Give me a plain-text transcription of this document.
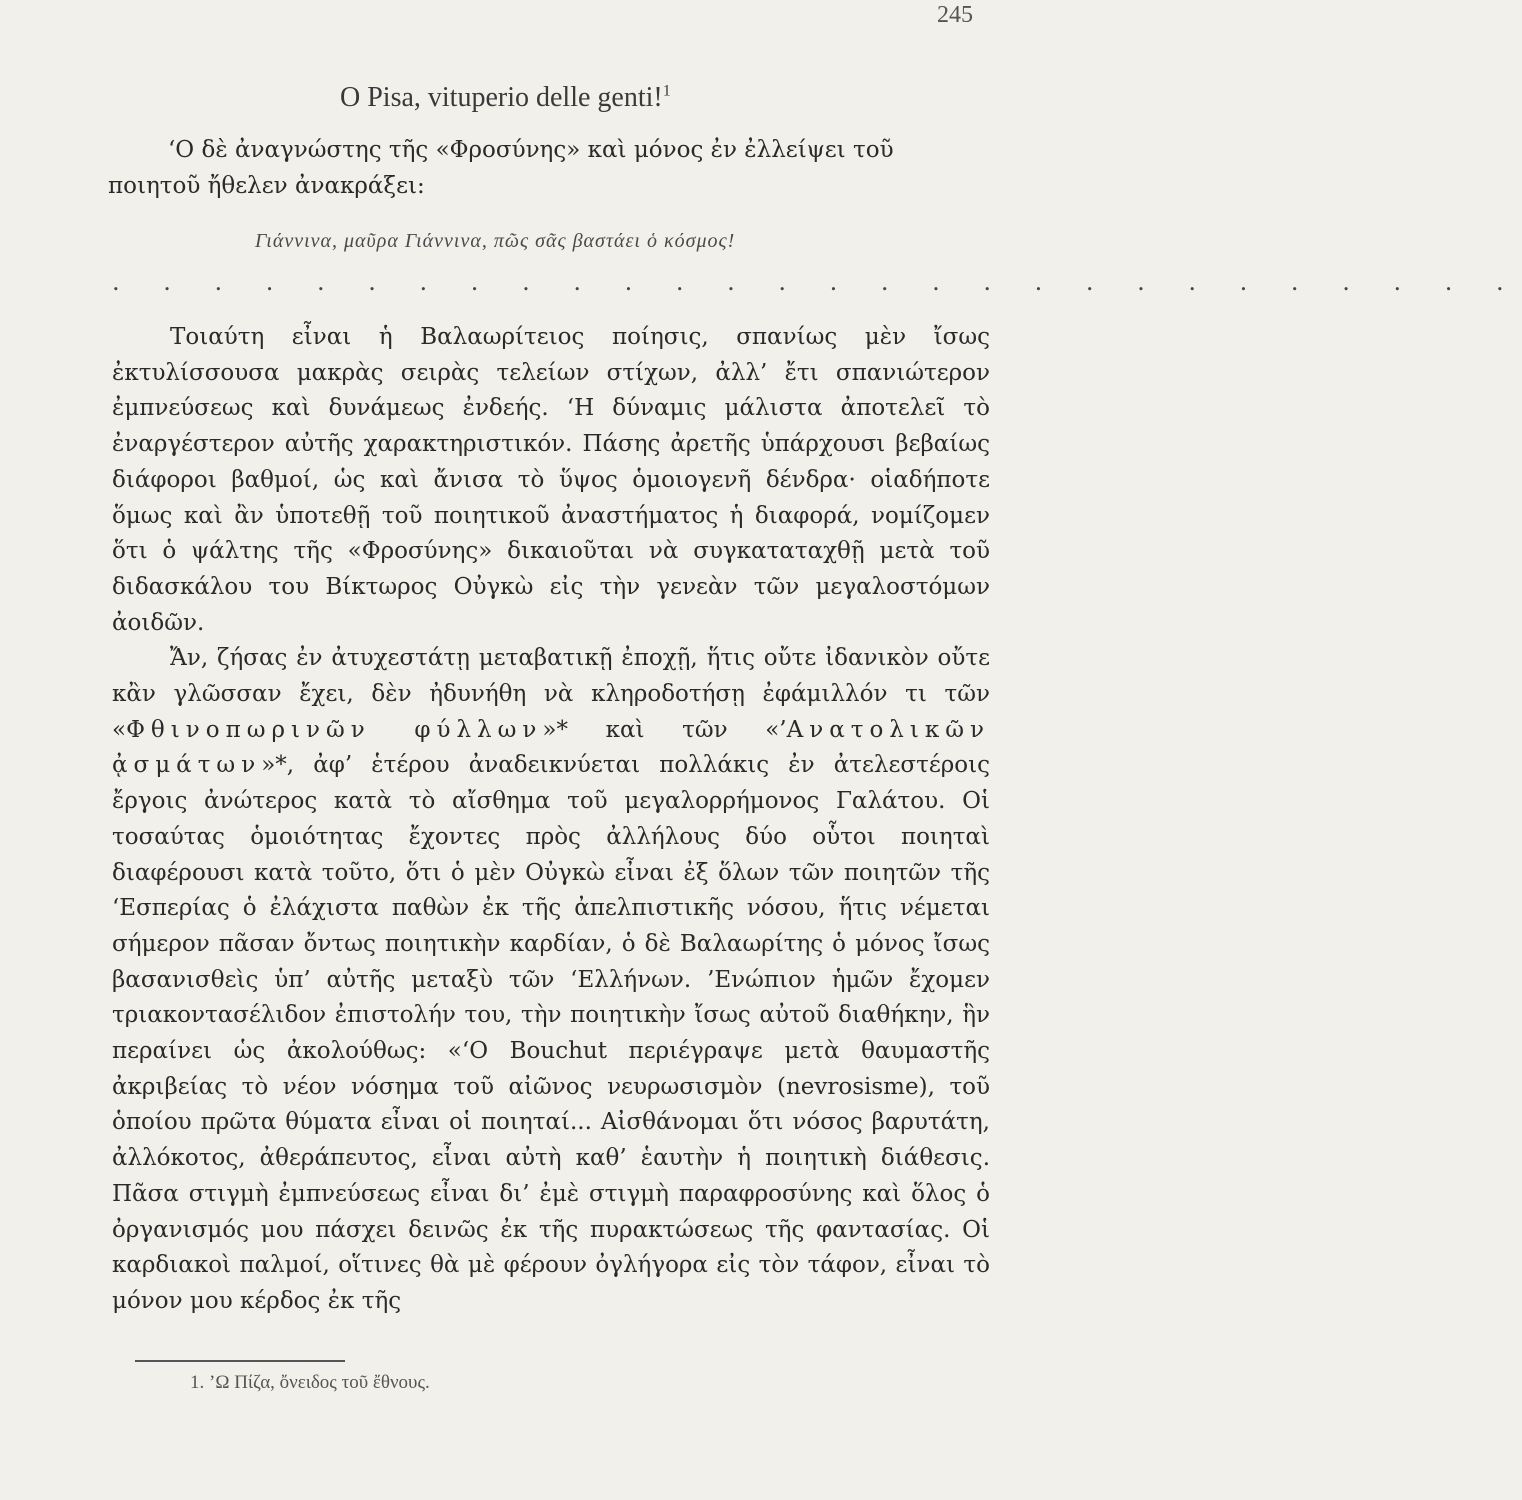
245
O Pisa, vituperio delle genti!$^1$
‘Ο δὲ ἀναγνώστης τῆς «Φροσύνης» καὶ μόνος ἐν ἐλλείψει τοῦ
ποιητοῦ ἤθελεν ἀνακράξει:
Γιάννινα, μαῦρα Γιάννινα, πῶς σᾶς βαστάει ὁ κόσμος!
. . . . . . . . . . . . . . . . . . . . . . . . . . . .

Τοιαύτη εἶναι ἡ Βαλαωρίτειος ποίησις, σπανίως μὲν ἴσως ἐκτυλίσσουσα μακρὰς σειρὰς τελείων στίχων, ἀλλ’ ἔτι σπανιώτερον ἐμπνεύσεως καὶ δυνάμεως ἐνδεής. ‘Η δύναμις μάλιστα ἀποτελεῖ τὸ ἐναργέστερον αὐτῆς χαρακτηριστικόν. Πάσης ἀρετῆς ὑπάρχουσι βεβαίως διάφοροι βαθμοί, ὡς καὶ ἄνισα τὸ ὕψος ὁμοιογενῆ δένδρα· οἱαδήποτε ὅμως καὶ ἂν ὑποτεθῇ τοῦ ποιητικοῦ ἀναστήματος ἡ διαφορά, νομίζομεν ὅτι ὁ ψάλτης τῆς «Φροσύνης» δικαιοῦται νὰ συγκαταταχθῇ μετὰ τοῦ διδασκάλου του Βίκτωρος Οὐγκὼ εἰς τὴν γενεὰν τῶν μεγαλοστόμων ἀοιδῶν.

Ἄν, ζήσας ἐν ἀτυχεστάτῃ μεταβατικῇ ἐποχῇ, ἥτις οὔτε ἰδανικὸν οὔτε κἂν γλῶσσαν ἔχει, δὲν ἠδυνήθη νὰ κληροδοτήσῃ ἐφάμιλλόν τι τῶν «Φθινοπωρινῶν φύλλων»* καὶ τῶν «’Ανατολικῶν ᾀσμάτων»*, ἀφ’ ἑτέρου ἀναδεικνύεται πολλάκις ἐν ἀτελεστέροις ἔργοις ἀνώτερος κατὰ τὸ αἴσθημα τοῦ μεγαλορρήμονος Γαλάτου. Οἱ τοσαύτας ὁμοιότητας ἔχοντες πρὸς ἀλλήλους δύο οὗτοι ποιηταὶ διαφέρουσι κατὰ τοῦτο, ὅτι ὁ μὲν Οὐγκὼ εἶναι ἐξ ὅλων τῶν ποιητῶν τῆς ‘Εσπερίας ὁ ἐλάχιστα παθὼν ἐκ τῆς ἀπελπιστικῆς νόσου, ἥτις νέμεται σήμερον πᾶσαν ὄντως ποιητικὴν καρδίαν, ὁ δὲ Βαλαωρίτης ὁ μόνος ἴσως βασανισθεὶς ὑπ’ αὐτῆς μεταξὺ τῶν ‘Ελλήνων. ’Ενώπιον ἡμῶν ἔχομεν τριακοντασέλιδον ἐπιστολήν του, τὴν ποιητικὴν ἴσως αὐτοῦ διαθήκην, ἣν περαίνει ὡς ἀκολούθως: «‘Ο Bouchut περιέγραψε μετὰ θαυμαστῆς ἀκριβείας τὸ νέον νόσημα τοῦ αἰῶνος νευρωσισμὸν (nevrosisme), τοῦ ὁποίου πρῶτα θύματα εἶναι οἱ ποιηταί... Αἰσθάνομαι ὅτι νόσος βαρυτάτη, ἀλλόκοτος, ἀθεράπευτος, εἶναι αὐτὴ καθ’ ἑαυτὴν ἡ ποιητικὴ διάθεσις. Πᾶσα στιγμὴ ἐμπνεύσεως εἶναι δι’ ἐμὲ στιγμὴ παραφροσύνης καὶ ὅλος ὁ ὀργανισμός μου πάσχει δεινῶς ἐκ τῆς πυρακτώσεως τῆς φαντασίας. Οἱ καρδιακοὶ παλμοί, οἵτινες θὰ μὲ φέρουν ὀγλήγορα εἰς τὸν τάφον, εἶναι τὸ μόνον μου κέρδος ἐκ τῆς

1. ’Ω Πίζα, ὄνειδος τοῦ ἔθνους.
